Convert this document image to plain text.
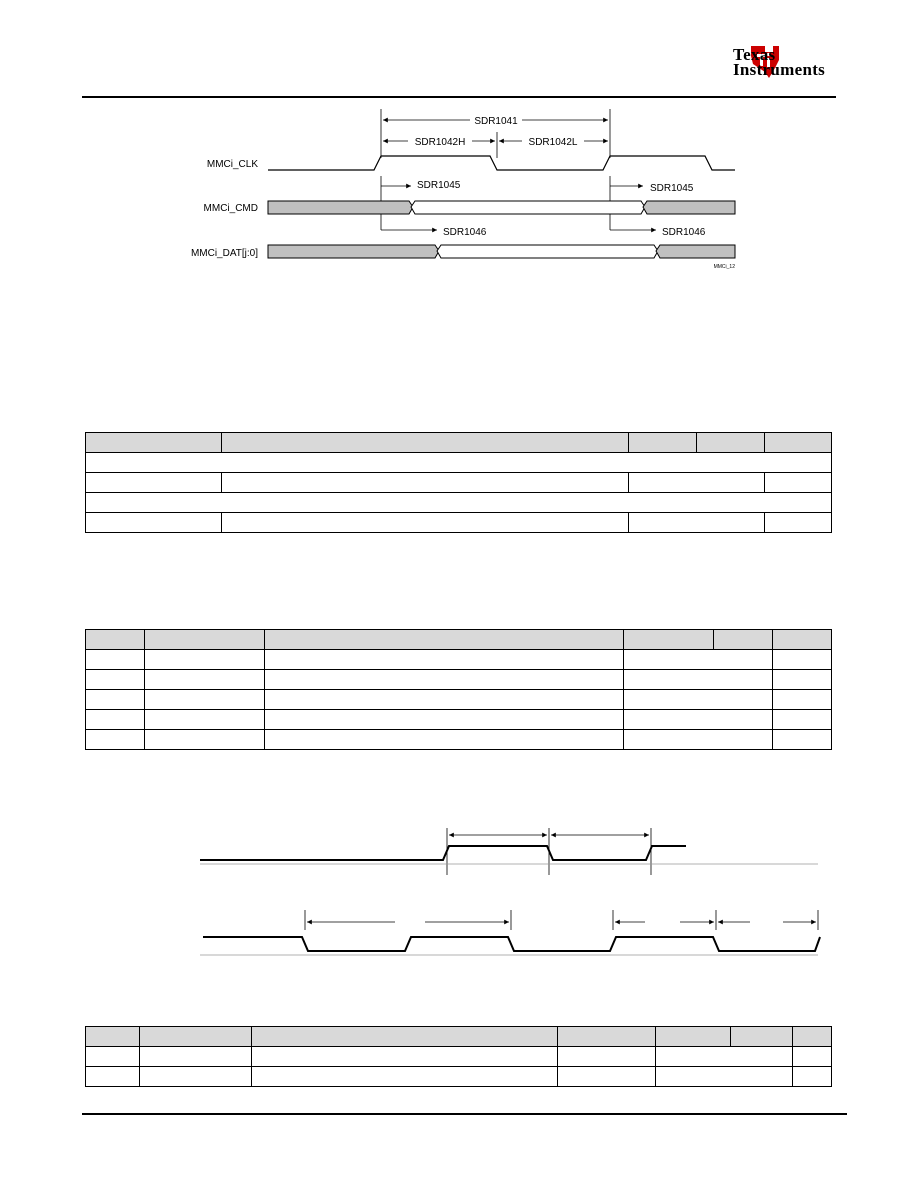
Texas
Instruments
MMCi_CLK
MMCi_CMD
MMCi_DAT[j:0]
SDR1041
SDR1042H	SDR1042L
SDR1045	SDR1045
SDR1046	SDR1046
MMCi_12
